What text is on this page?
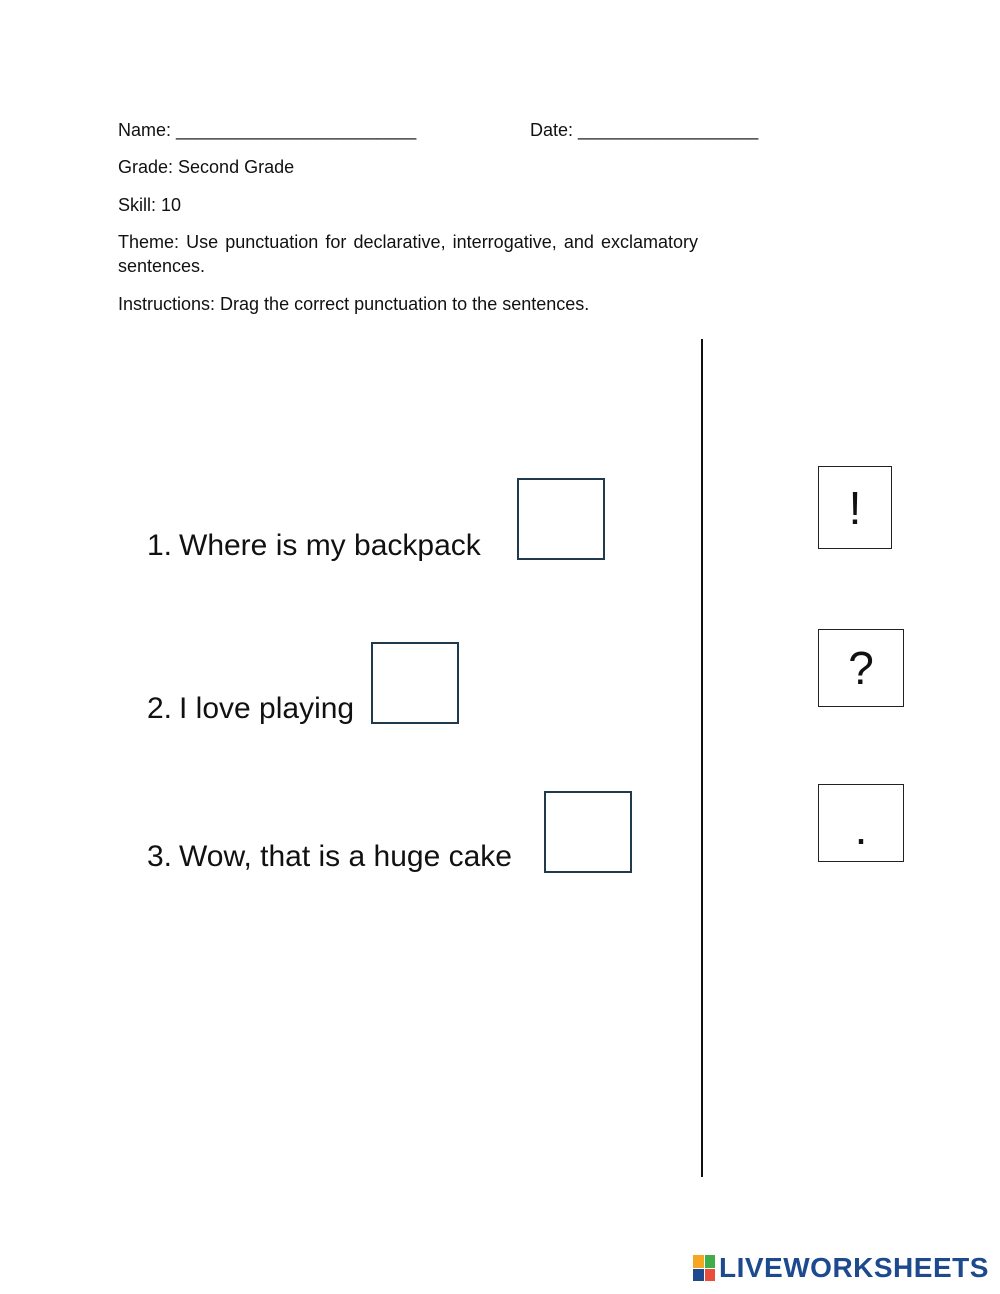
Name: ________________________	Date: __________________
Grade: Second Grade
Skill: 10
Theme: Use punctuation for declarative, interrogative, and exclamatory sentences.
Instructions: Drag the correct punctuation to the sentences.
1. Where is my backpack
2. I love playing
3. Wow, that is a huge cake
!
?
.
LIVEWORKSHEETS
